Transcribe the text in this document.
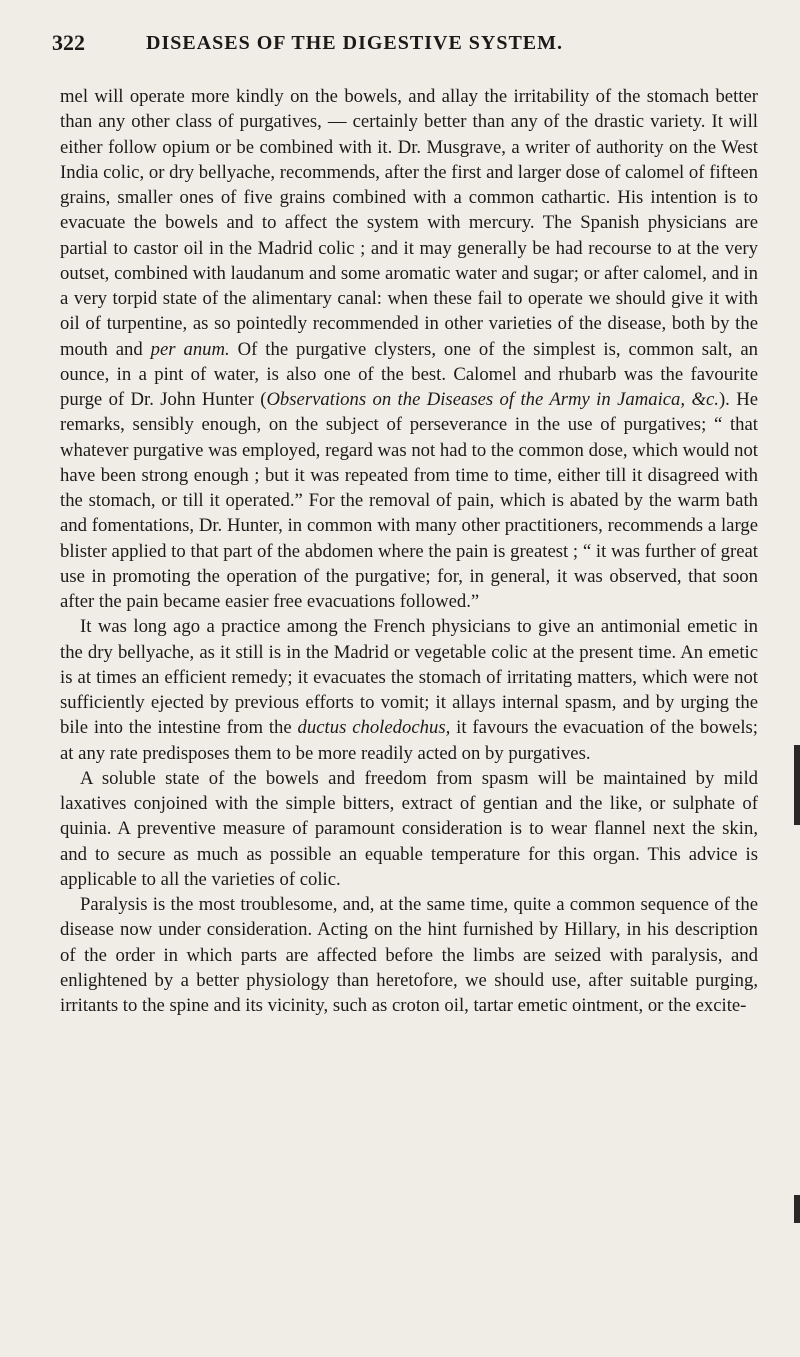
322	DISEASES OF THE DIGESTIVE SYSTEM.

mel will operate more kindly on the bowels, and allay the irritability of the stomach better than any other class of purgatives, — certainly better than any of the drastic variety. It will either follow opium or be combined with it. Dr. Musgrave, a writer of authority on the West India colic, or dry bellyache, recommends, after the first and larger dose of calomel of fifteen grains, smaller ones of five grains combined with a common cathartic. His intention is to evacuate the bowels and to affect the system with mercury. The Spanish physicians are partial to castor oil in the Madrid colic ; and it may generally be had recourse to at the very outset, combined with laudanum and some aromatic water and sugar; or after calomel, and in a very torpid state of the alimentary canal: when these fail to operate we should give it with oil of turpentine, as so pointedly recommended in other varieties of the disease, both by the mouth and per anum. Of the purgative clysters, one of the simplest is, common salt, an ounce, in a pint of water, is also one of the best. Calomel and rhubarb was the favourite purge of Dr. John Hunter (Observations on the Diseases of the Army in Jamaica, &c.). He remarks, sensibly enough, on the subject of perseverance in the use of purgatives; “ that whatever purgative was employed, regard was not had to the common dose, which would not have been strong enough ; but it was repeated from time to time, either till it disagreed with the stomach, or till it operated.” For the removal of pain, which is abated by the warm bath and fomentations, Dr. Hunter, in common with many other practitioners, recommends a large blister applied to that part of the abdomen where the pain is greatest ; “ it was further of great use in promoting the operation of the purgative; for, in general, it was observed, that soon after the pain became easier free evacuations followed.”

It was long ago a practice among the French physicians to give an antimonial emetic in the dry bellyache, as it still is in the Madrid or vegetable colic at the present time. An emetic is at times an efficient remedy; it evacuates the stomach of irritating matters, which were not sufficiently ejected by previous efforts to vomit; it allays internal spasm, and by urging the bile into the intestine from the ductus choledochus, it favours the evacuation of the bowels; at any rate predisposes them to be more readily acted on by purgatives.

A soluble state of the bowels and freedom from spasm will be maintained by mild laxatives conjoined with the simple bitters, extract of gentian and the like, or sulphate of quinia. A preventive measure of paramount consideration is to wear flannel next the skin, and to secure as much as possible an equable temperature for this organ. This advice is applicable to all the varieties of colic.

Paralysis is the most troublesome, and, at the same time, quite a common sequence of the disease now under consideration. Acting on the hint furnished by Hillary, in his description of the order in which parts are affected before the limbs are seized with paralysis, and enlightened by a better physiology than heretofore, we should use, after suitable purging, irritants to the spine and its vicinity, such as croton oil, tartar emetic ointment, or the excite-
